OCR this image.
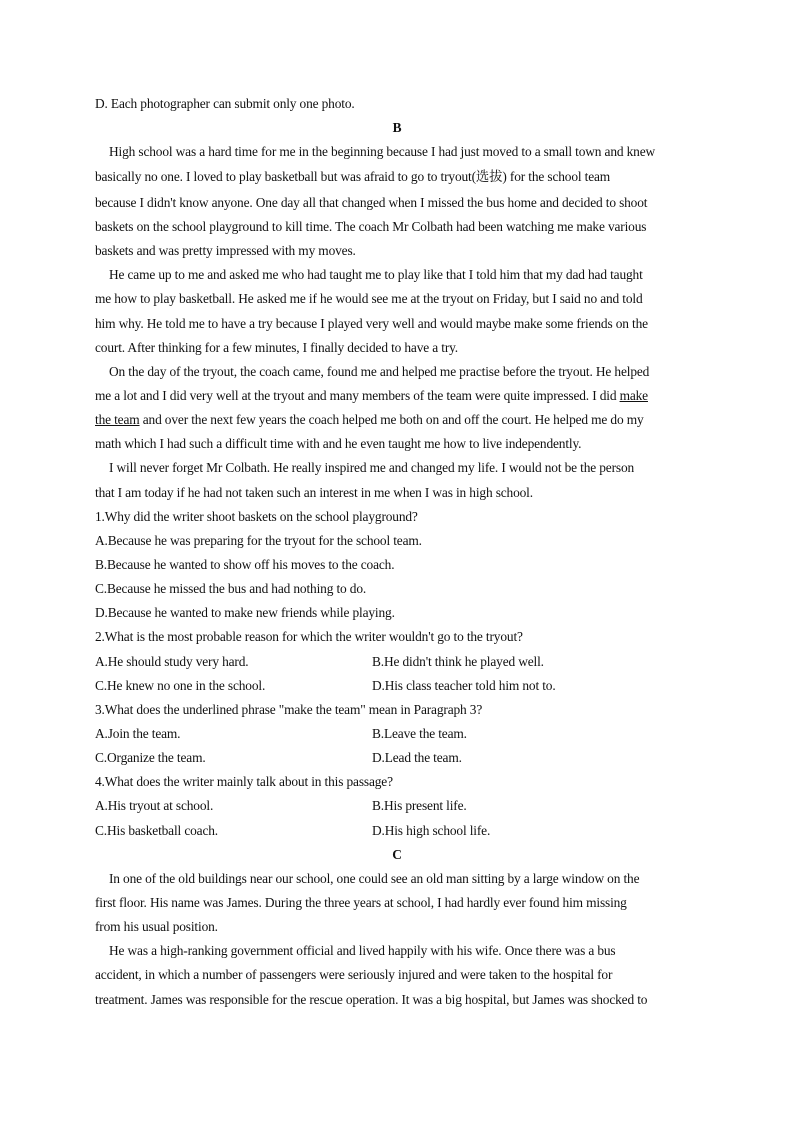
D. Each photographer can submit only one photo.
B
High school was a hard time for me in the beginning because I had just moved to a small town and knew
basically no one. I loved to play basketball but was afraid to go to tryout(选拔) for the school team
because I didn't know anyone. One day all that changed when I missed the bus home and decided to shoot
baskets on the school playground to kill time. The coach Mr Colbath had been watching me make various
baskets and was pretty impressed with my moves.
He came up to me and asked me who had taught me to play like that I told him that my dad had taught
me how to play basketball. He asked me if he would see me at the tryout on Friday, but I said no and told
him why. He told me to have a try because I played very well and would maybe make some friends on the
court. After thinking for a few minutes, I finally decided to have a try.
On the day of the tryout, the coach came, found me and helped me practise before the tryout. He helped
me a lot and I did very well at the tryout and many members of the team were quite impressed. I did make
the team and over the next few years the coach helped me both on and off the court. He helped me do my
math which I had such a difficult time with and he even taught me how to live independently.
I will never forget Mr Colbath. He really inspired me and changed my life. I would not be the person
that I am today if he had not taken such an interest in me when I was in high school.
1.Why did the writer shoot baskets on the school playground?
A.Because he was preparing for the tryout for the school team.
B.Because he wanted to show off his moves to the coach.
C.Because he missed the bus and had nothing to do.
D.Because he wanted to make new friends while playing.
2.What is the most probable reason for which the writer wouldn't go to the tryout?
A.He should study very hard.	B.He didn't think he played well.
C.He knew no one in the school.	D.His class teacher told him not to.
3.What does the underlined phrase "make the team" mean in Paragraph 3?
A.Join the team.	B.Leave the team.
C.Organize the team.	D.Lead the team.
4.What does the writer mainly talk about in this passage?
A.His tryout at school.	B.His present life.
C.His basketball coach.	D.His high school life.
C
In one of the old buildings near our school, one could see an old man sitting by a large window on the
first floor. His name was James. During the three years at school, I had hardly ever found him missing
from his usual position.
He was a high-ranking government official and lived happily with his wife. Once there was a bus
accident, in which a number of passengers were seriously injured and were taken to the hospital for
treatment. James was responsible for the rescue operation. It was a big hospital, but James was shocked to
